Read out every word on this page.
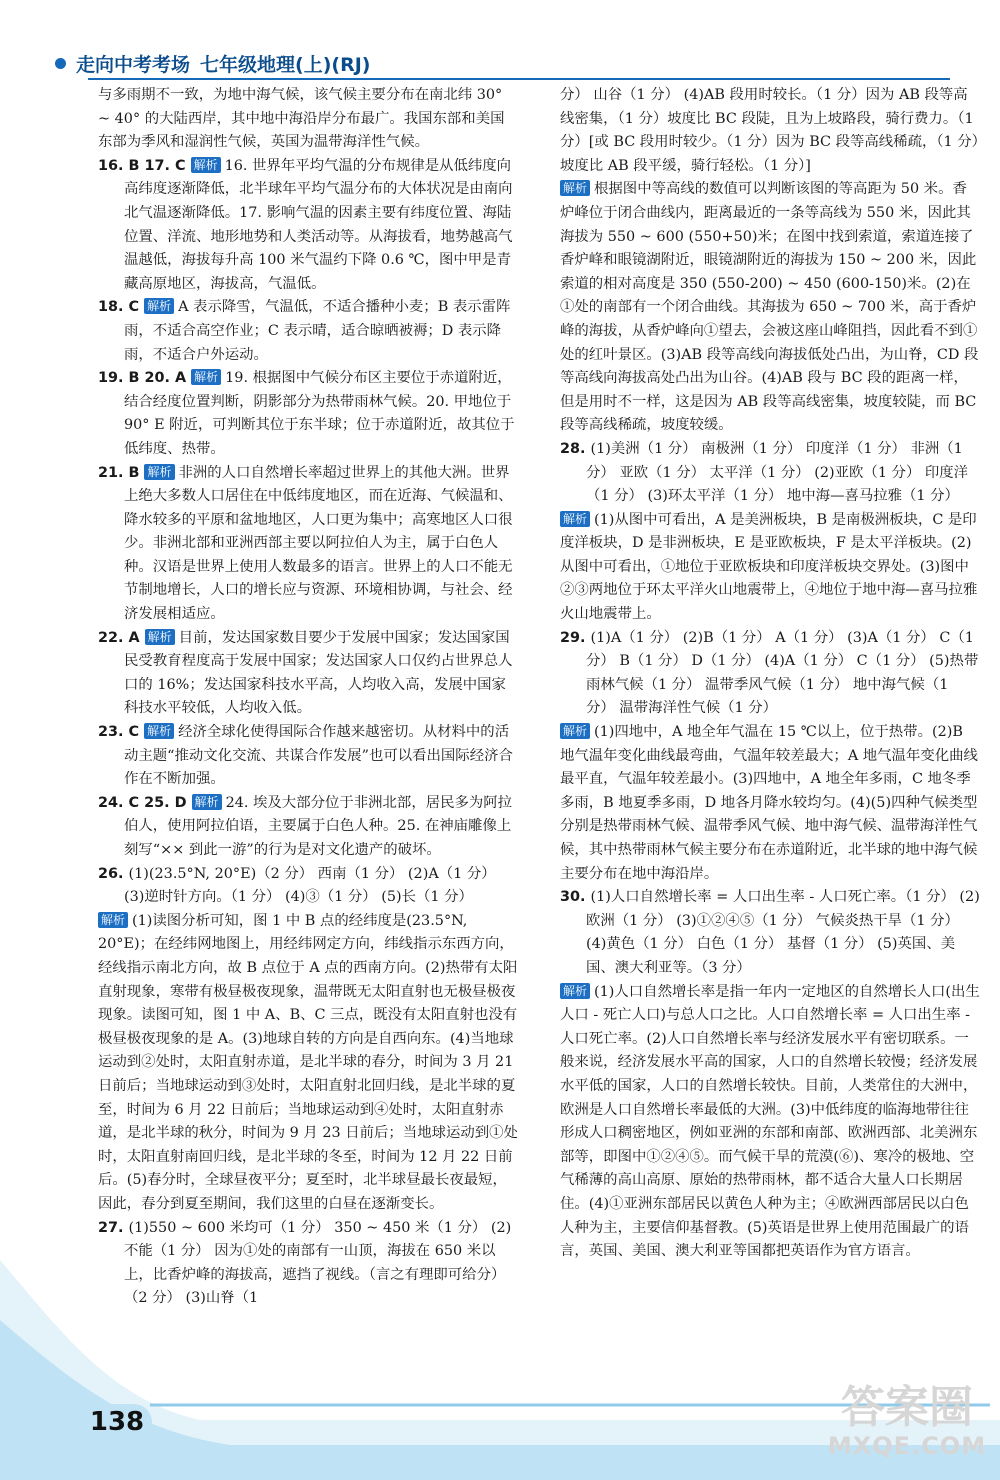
走向中考考场 七年级地理(上)(RJ)

与多雨期不一致，为地中海气候，该气候主要分布在南北纬 30° ~ 40° 的大陆西岸，其中地中海沿岸分布最广。我国东部和美国东部为季风和湿润性气候，英国为温带海洋性气候。

16. B 17. C 解析 16. 世界年平均气温的分布规律是从低纬度向高纬度逐渐降低，北半球年平均气温分布的大体状况是由南向北气温逐渐降低。17. 影响气温的因素主要有纬度位置、海陆位置、洋流、地形地势和人类活动等。从海拔看，地势越高气温越低，海拔每升高 100 米气温约下降 0.6 ℃，图中甲是青藏高原地区，海拔高，气温低。

18. C 解析 A 表示降雪，气温低，不适合播种小麦；B 表示雷阵雨，不适合高空作业；C 表示晴，适合晾晒被褥；D 表示降雨，不适合户外运动。

19. B 20. A 解析 19. 根据图中气候分布区主要位于赤道附近，结合经度位置判断，阴影部分为热带雨林气候。20. 甲地位于 90° E 附近，可判断其位于东半球；位于赤道附近，故其位于低纬度、热带。

21. B 解析 非洲的人口自然增长率超过世界上的其他大洲。世界上绝大多数人口居住在中低纬度地区，而在近海、气候温和、降水较多的平原和盆地地区，人口更为集中；高寒地区人口很少。非洲北部和亚洲西部主要以阿拉伯人为主，属于白色人种。汉语是世界上使用人数最多的语言。世界上的人口不能无节制地增长，人口的增长应与资源、环境相协调，与社会、经济发展相适应。

22. A 解析 目前，发达国家数目要少于发展中国家；发达国家国民受教育程度高于发展中国家；发达国家人口仅约占世界总人口的 16%；发达国家科技水平高，人均收入高，发展中国家科技水平较低，人均收入低。

23. C 解析 经济全球化使得国际合作越来越密切。从材料中的活动主题“推动文化交流、共谋合作发展”也可以看出国际经济合作在不断加强。

24. C 25. D 解析 24. 埃及大部分位于非洲北部，居民多为阿拉伯人，使用阿拉伯语，主要属于白色人种。25. 在神庙雕像上刻写“×× 到此一游”的行为是对文化遗产的破坏。

26. (1)(23.5°N, 20°E)（2 分） 西南（1 分） (2)A（1 分） (3)逆时针方向。（1 分） (4)③（1 分） (5)长（1 分）

解析 (1)读图分析可知，图 1 中 B 点的经纬度是(23.5°N, 20°E)；在经纬网地图上，用经纬网定方向，纬线指示东西方向，经线指示南北方向，故 B 点位于 A 点的西南方向。(2)热带有太阳直射现象，寒带有极昼极夜现象，温带既无太阳直射也无极昼极夜现象。读图可知，图 1 中 A、B、C 三点，既没有太阳直射也没有极昼极夜现象的是 A。(3)地球自转的方向是自西向东。(4)当地球运动到②处时，太阳直射赤道，是北半球的春分，时间为 3 月 21 日前后；当地球运动到③处时，太阳直射北回归线，是北半球的夏至，时间为 6 月 22 日前后；当地球运动到④处时，太阳直射赤道，是北半球的秋分，时间为 9 月 23 日前后；当地球运动到①处时，太阳直射南回归线，是北半球的冬至，时间为 12 月 22 日前后。(5)春分时，全球昼夜平分；夏至时，北半球昼最长夜最短，因此，春分到夏至期间，我们这里的白昼在逐渐变长。

27. (1)550 ~ 600 米均可（1 分） 350 ~ 450 米（1 分） (2)不能（1 分） 因为①处的南部有一山顶，海拔在 650 米以上，比香炉峰的海拔高，遮挡了视线。（言之有理即可给分）（2 分） (3)山脊（1

分） 山谷（1 分） (4)AB 段用时较长。（1 分）因为 AB 段等高线密集，（1 分）坡度比 BC 段陡，且为上坡路段，骑行费力。（1 分）[或 BC 段用时较少。（1 分）因为 BC 段等高线稀疏，（1 分）坡度比 AB 段平缓，骑行轻松。（1 分）]

解析 根据图中等高线的数值可以判断该图的等高距为 50 米。香炉峰位于闭合曲线内，距离最近的一条等高线为 550 米，因此其海拔为 550 ~ 600 (550+50)米；在图中找到索道，索道连接了香炉峰和眼镜湖附近，眼镜湖附近的海拔为 150 ~ 200 米，因此索道的相对高度是 350 (550-200) ~ 450 (600-150)米。(2)在①处的南部有一个闭合曲线。其海拔为 650 ~ 700 米，高于香炉峰的海拔，从香炉峰向①望去，会被这座山峰阻挡，因此看不到①处的红叶景区。(3)AB 段等高线向海拔低处凸出，为山脊，CD 段等高线向海拔高处凸出为山谷。(4)AB 段与 BC 段的距离一样，但是用时不一样，这是因为 AB 段等高线密集，坡度较陡，而 BC 段等高线稀疏，坡度较缓。

28. (1)美洲（1 分） 南极洲（1 分） 印度洋（1 分） 非洲（1 分） 亚欧（1 分） 太平洋（1 分） (2)亚欧（1 分） 印度洋（1 分） (3)环太平洋（1 分） 地中海—喜马拉雅（1 分）

解析 (1)从图中可看出，A 是美洲板块，B 是南极洲板块，C 是印度洋板块，D 是非洲板块，E 是亚欧板块，F 是太平洋板块。(2)从图中可看出，①地位于亚欧板块和印度洋板块交界处。(3)图中②③两地位于环太平洋火山地震带上，④地位于地中海—喜马拉雅火山地震带上。

29. (1)A（1 分） (2)B（1 分） A（1 分） (3)A（1 分） C（1 分） B（1 分） D（1 分） (4)A（1 分） C（1 分） (5)热带雨林气候（1 分） 温带季风气候（1 分） 地中海气候（1 分） 温带海洋性气候（1 分）

解析 (1)四地中，A 地全年气温在 15 ℃以上，位于热带。(2)B 地气温年变化曲线最弯曲，气温年较差最大；A 地气温年变化曲线最平直，气温年较差最小。(3)四地中，A 地全年多雨，C 地冬季多雨，B 地夏季多雨，D 地各月降水较均匀。(4)(5)四种气候类型分别是热带雨林气候、温带季风气候、地中海气候、温带海洋性气候，其中热带雨林气候主要分布在赤道附近，北半球的地中海气候主要分布在地中海沿岸。

30. (1)人口自然增长率 = 人口出生率 - 人口死亡率。（1 分） (2)欧洲（1 分） (3)①②④⑤（1 分） 气候炎热干旱（1 分） (4)黄色（1 分） 白色（1 分） 基督（1 分） (5)英国、美国、澳大利亚等。（3 分）

解析 (1)人口自然增长率是指一年内一定地区的自然增长人口(出生人口 - 死亡人口)与总人口之比。人口自然增长率 = 人口出生率 - 人口死亡率。(2)人口自然增长率与经济发展水平有密切联系。一般来说，经济发展水平高的国家，人口的自然增长较慢；经济发展水平低的国家，人口的自然增长较快。目前，人类常住的大洲中，欧洲是人口自然增长率最低的大洲。(3)中低纬度的临海地带往往形成人口稠密地区，例如亚洲的东部和南部、欧洲西部、北美洲东部等，即图中①②④⑤。而气候干旱的荒漠(⑥)、寒冷的极地、空气稀薄的高山高原、原始的热带雨林，都不适合大量人口长期居住。(4)①亚洲东部居民以黄色人种为主；④欧洲西部居民以白色人种为主，主要信仰基督教。(5)英语是世界上使用范围最广的语言，英国、美国、澳大利亚等国都把英语作为官方语言。

138	答案圈
MXQE.COM
